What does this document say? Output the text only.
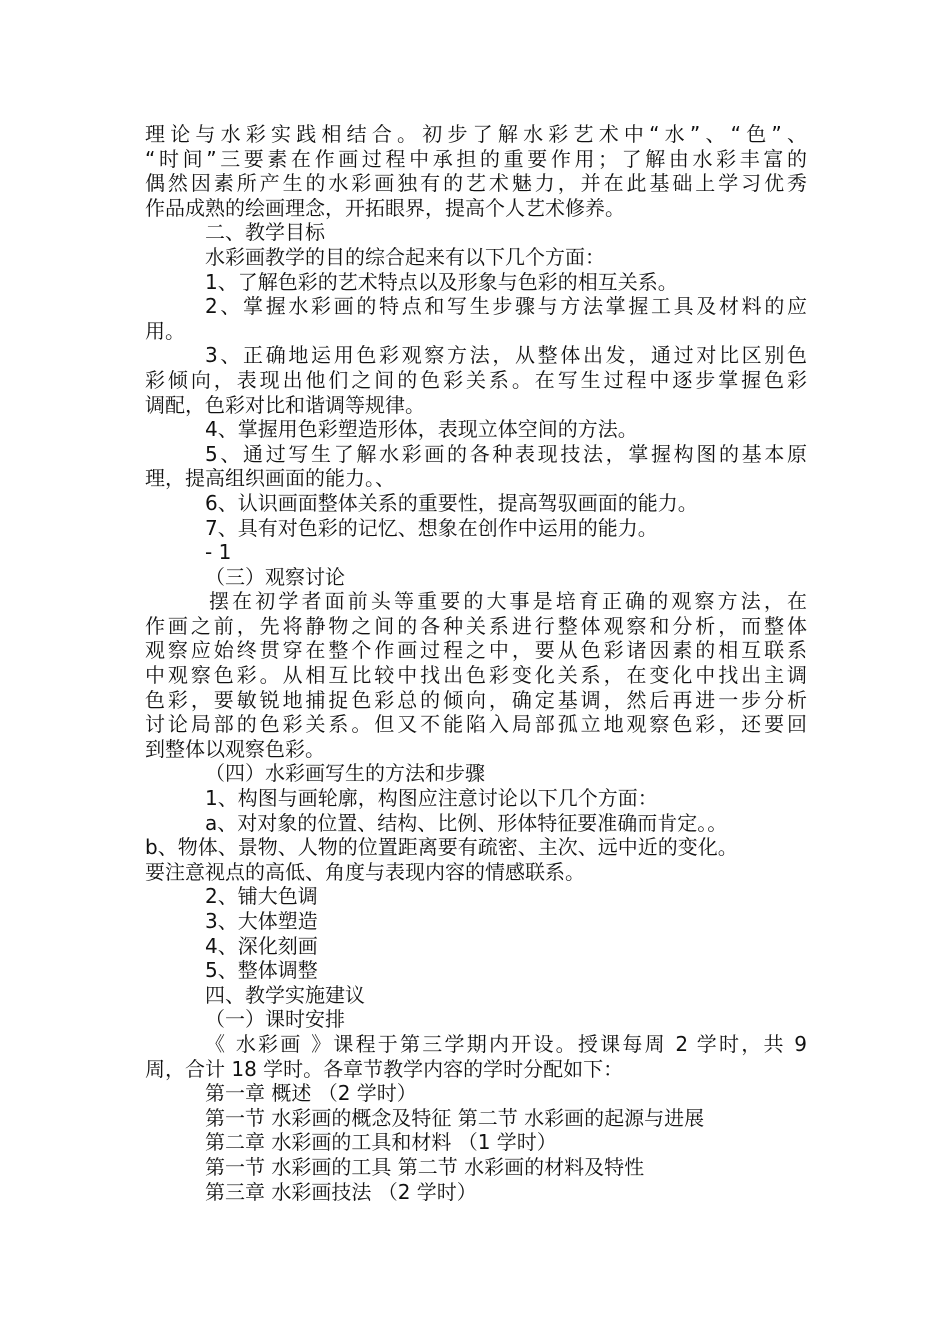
理论与水彩实践相结合。初步了解水彩艺术中“水”、“色”、
“时间”三要素在作画过程中承担的重要作用；了解由水彩丰富的
偶然因素所产生的水彩画独有的艺术魅力，并在此基础上学习优秀
作品成熟的绘画理念，开拓眼界，提高个人艺术修养。
二、教学目标
水彩画教学的目的综合起来有以下几个方面：
1、了解色彩的艺术特点以及形象与色彩的相互关系。
2、掌握水彩画的特点和写生步骤与方法掌握工具及材料的应
用。
3、正确地运用色彩观察方法，从整体出发，通过对比区别色
彩倾向，表现出他们之间的色彩关系。在写生过程中逐步掌握色彩
调配，色彩对比和谐调等规律。
4、掌握用色彩塑造形体，表现立体空间的方法。
5、通过写生了解水彩画的各种表现技法，掌握构图的基本原
理，提高组织画面的能力。、
6、认识画面整体关系的重要性，提高驾驭画面的能力。
7、具有对色彩的记忆、想象在创作中运用的能力。
- 1
（三）观察讨论
摆在初学者面前头等重要的大事是培育正确的观察方法，在
作画之前，先将静物之间的各种关系进行整体观察和分析，而整体
观察应始终贯穿在整个作画过程之中，要从色彩诸因素的相互联系
中观察色彩。从相互比较中找出色彩变化关系，在变化中找出主调
色彩，要敏锐地捕捉色彩总的倾向，确定基调，然后再进一步分析
讨论局部的色彩关系。但又不能陷入局部孤立地观察色彩，还要回
到整体以观察色彩。
（四）水彩画写生的方法和步骤
1、构图与画轮廓，构图应注意讨论以下几个方面：
a、对对象的位置、结构、比例、形体特征要准确而肯定。。
b、物体、景物、人物的位置距离要有疏密、主次、远中近的变化。
要注意视点的高低、角度与表现内容的情感联系。
2、铺大色调
3、大体塑造
4、深化刻画
5、整体调整
四、教学实施建议
（一）课时安排
《 水彩画 》课程于第三学期内开设。授课每周 2 学时，共 9
周，合计 18 学时。各章节教学内容的学时分配如下：
第一章 概述 （2 学时）
第一节 水彩画的概念及特征 第二节 水彩画的起源与进展
第二章 水彩画的工具和材料 （1 学时）
第一节 水彩画的工具 第二节 水彩画的材料及特性
第三章 水彩画技法 （2 学时）
